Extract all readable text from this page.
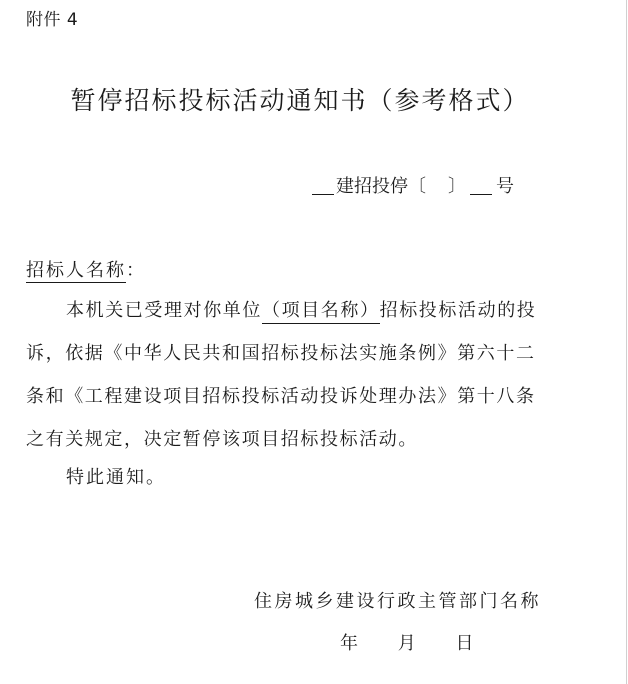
附件 4
暂停招标投标活动通知书（参考格式）
建招投停〔 〕 号
招标人名称：
本机关已受理对你单位（项目名称）招标投标活动的投
诉，依据《中华人民共和国招标投标法实施条例》第六十二
条和《工程建设项目招标投标活动投诉处理办法》第十八条
之有关规定，决定暂停该项目招标投标活动。
特此通知。
住房城乡建设行政主管部门名称
年 月 日
